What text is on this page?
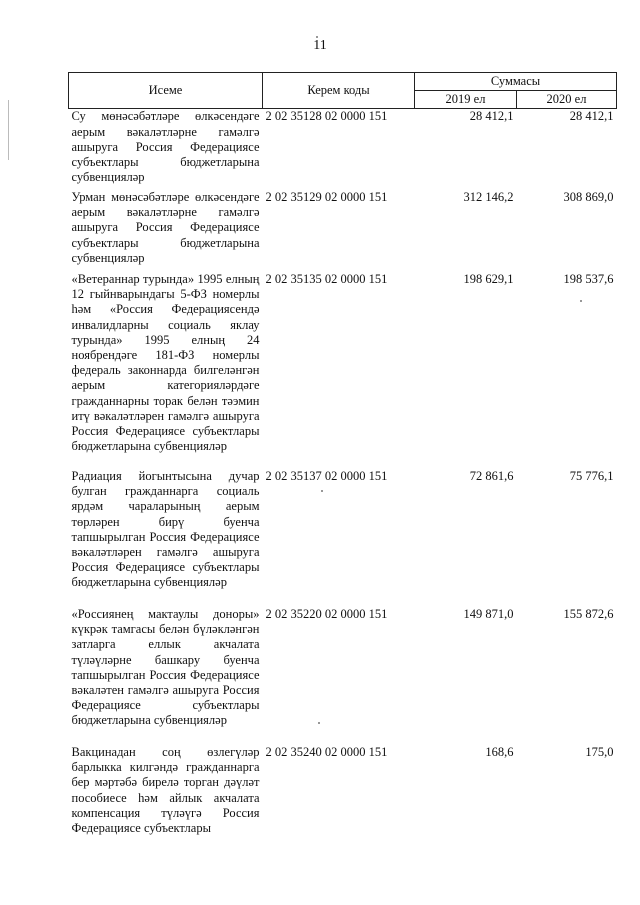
11
Исеме	Керем коды	Суммасы	
		2019 ел	2020 ел
Су мөнәсәбәтләре өлкәсендәге аерым вәкаләтләрне гамәлгә ашыруга Россия Федерациясе субъектлары бюджетларына субвенцияләр	2 02 35128 02 0000 151	28 412,1	28 412,1
Урман мөнәсәбәтләре өлкәсендәге аерым вәкаләтләрне гамәлгә ашыруга Россия Федерациясе субъектлары бюджетларына субвенцияләр	2 02 35129 02 0000 151	312 146,2	308 869,0
«Ветераннар турында» 1995 елның 12 гыйнварындагы 5-ФЗ номерлы һәм «Россия Федерациясендә инвалидларны социаль яклау турында» 1995 елның 24 ноябрендәге 181-ФЗ номерлы федераль законнарда билгеләнгән аерым категорияләрдәге гражданнарны торак белән тәэмин итү вәкаләтләрен гамәлгә ашыруга Россия Федерациясе субъектлары бюджетларына субвенцияләр	2 02 35135 02 0000 151	198 629,1	198 537,6
Радиация йогынтысына дучар булган гражданнарга социаль ярдәм чараларының аерым төрләрен бирү буенча тапшырылган Россия Федерациясе вәкаләтләрен гамәлгә ашыруга Россия Федерациясе субъектлары бюджетларына субвенцияләр	2 02 35137 02 0000 151	72 861,6	75 776,1
«Россиянең мактаулы доноры» күкрәк тамгасы белән бүләкләнгән затларга еллык акчалата түләүләрне башкару буенча тапшырылган Россия Федерациясе вәкаләтен гамәлгә ашыруга Россия Федерациясе субъектлары бюджетларына субвенцияләр	2 02 35220 02 0000 151	149 871,0	155 872,6
Вакцинадан соң өзлегүләр барлыкка килгәндә гражданнарга бер мәртәбә бирелә торган дәүләт пособиесе һәм айлык акчалата компенсация түләүгә Россия Федерациясе субъектлары	2 02 35240 02 0000 151	168,6	175,0
